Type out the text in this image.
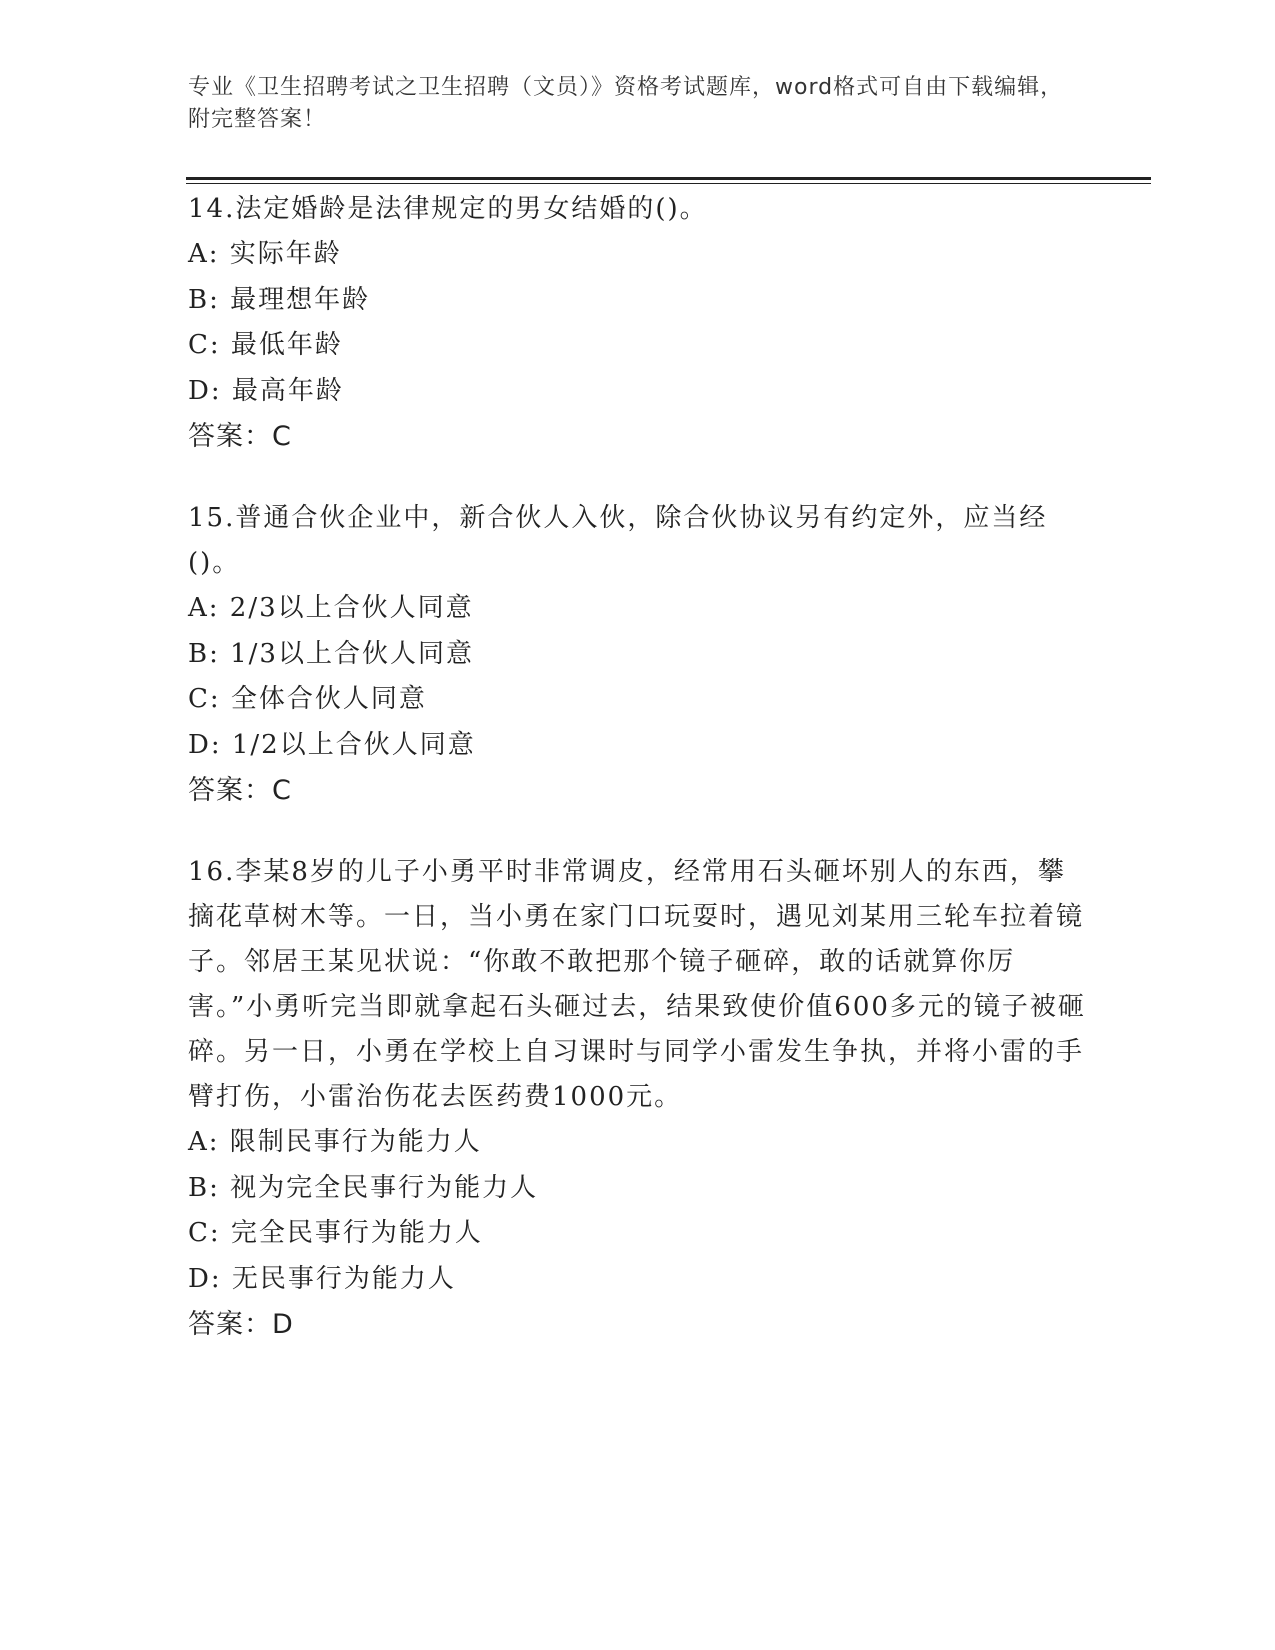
专业《卫生招聘考试之卫生招聘（文员）》资格考试题库，word格式可自由下载编辑，附完整答案！

14.法定婚龄是法律规定的男女结婚的()。

A: 实际年龄

B: 最理想年龄

C: 最低年龄

D: 最高年龄

答案：C

15.普通合伙企业中，新合伙人入伙，除合伙协议另有约定外，应当经()。

A: 2/3以上合伙人同意

B: 1/3以上合伙人同意

C: 全体合伙人同意

D: 1/2以上合伙人同意

答案：C

16.李某8岁的儿子小勇平时非常调皮，经常用石头砸坏别人的东西，攀摘花草树木等。一日，当小勇在家门口玩耍时，遇见刘某用三轮车拉着镜子。邻居王某见状说：“你敢不敢把那个镜子砸碎，敢的话就算你厉害。”小勇听完当即就拿起石头砸过去，结果致使价值600多元的镜子被砸碎。另一日，小勇在学校上自习课时与同学小雷发生争执，并将小雷的手臂打伤，小雷治伤花去医药费1000元。

A: 限制民事行为能力人

B: 视为完全民事行为能力人

C: 完全民事行为能力人

D: 无民事行为能力人

答案：D
